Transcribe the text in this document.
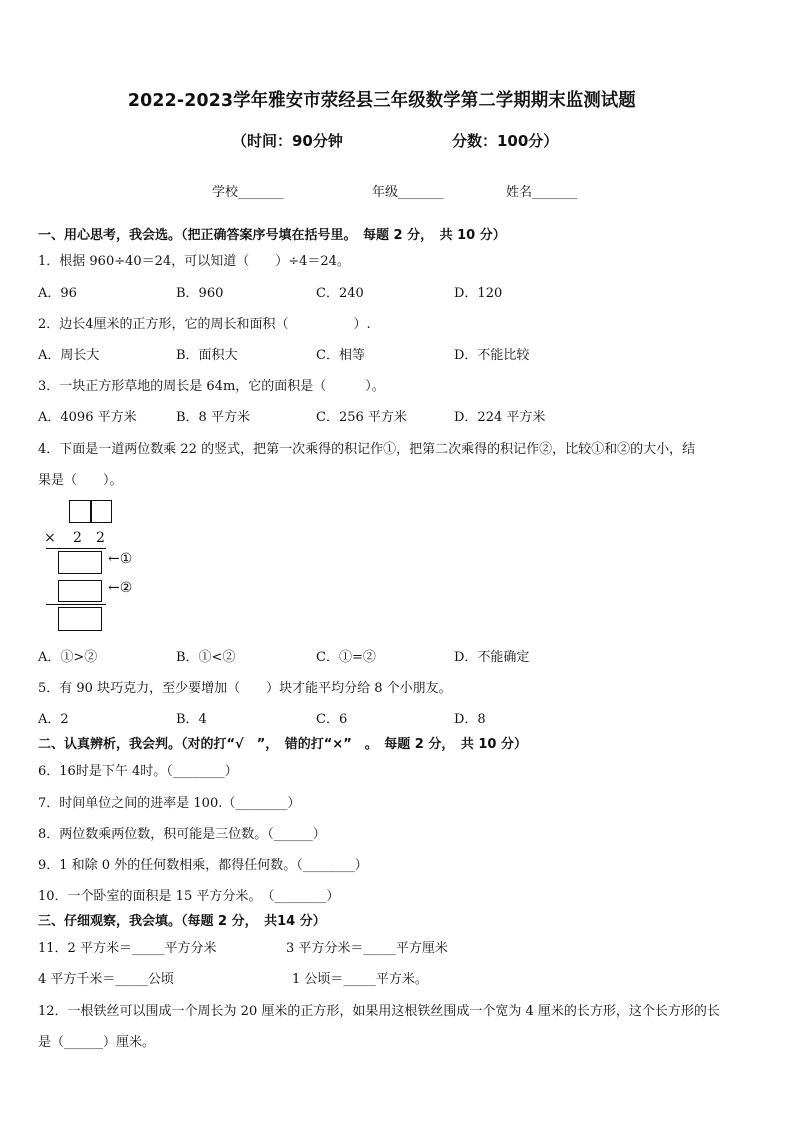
2022-2023学年雅安市荥经县三年级数学第二学期期末监测试题
（时间：90分钟	分数：100分）
学校_______	年级_______	姓名_______
一、用心思考，我会选。（把正确答案序号填在括号里。　每题 2 分，　共 10 分）
1．根据 960÷40＝24，可以知道（　　）÷4＝24。
A．96	B．960	C．240	D．120
2．边长4厘米的正方形，它的周长和面积（　　　　　）.
A．周长大	B．面积大	C．相等	D．不能比较
3．一块正方形草地的周长是 64m，它的面积是（　　　）。
A．4096 平方米	B．8 平方米	C．256 平方米	D．224 平方米
4．下面是一道两位数乘 22 的竖式，把第一次乘得的积记作①，把第二次乘得的积记作②，比较①和②的大小，结
果是（　　）。
× 2 2
←①
←②
A．①>②	B．①<②	C．①=②	D．不能确定
5．有 90 块巧克力，至少要增加（　　）块才能平均分给 8 个小朋友。
A．2	B．4	C．6	D．8
二、认真辨析，我会判。（对的打“√　”，　错的打“×”　。　每题 2 分，　共 10 分）
6．16时是下午 4时。（________）
7．时间单位之间的进率是 100.（________）
8．两位数乘两位数，积可能是三位数。（______）
9．1 和除 0 外的任何数相乘，都得任何数。（________）
10．一个卧室的面积是 15 平方分米。　（________）
三、仔细观察，我会填。（每题 2 分，　共14 分）
11．2 平方米＝_____平方分米	3 平方分米＝_____平方厘米
4 平方千米＝_____公顷	1 公顷＝_____平方米。
12．一根铁丝可以围成一个周长为 20 厘米的正方形，如果用这根铁丝围成一个宽为 4 厘米的长方形，这个长方形的长
是（______）厘米。
